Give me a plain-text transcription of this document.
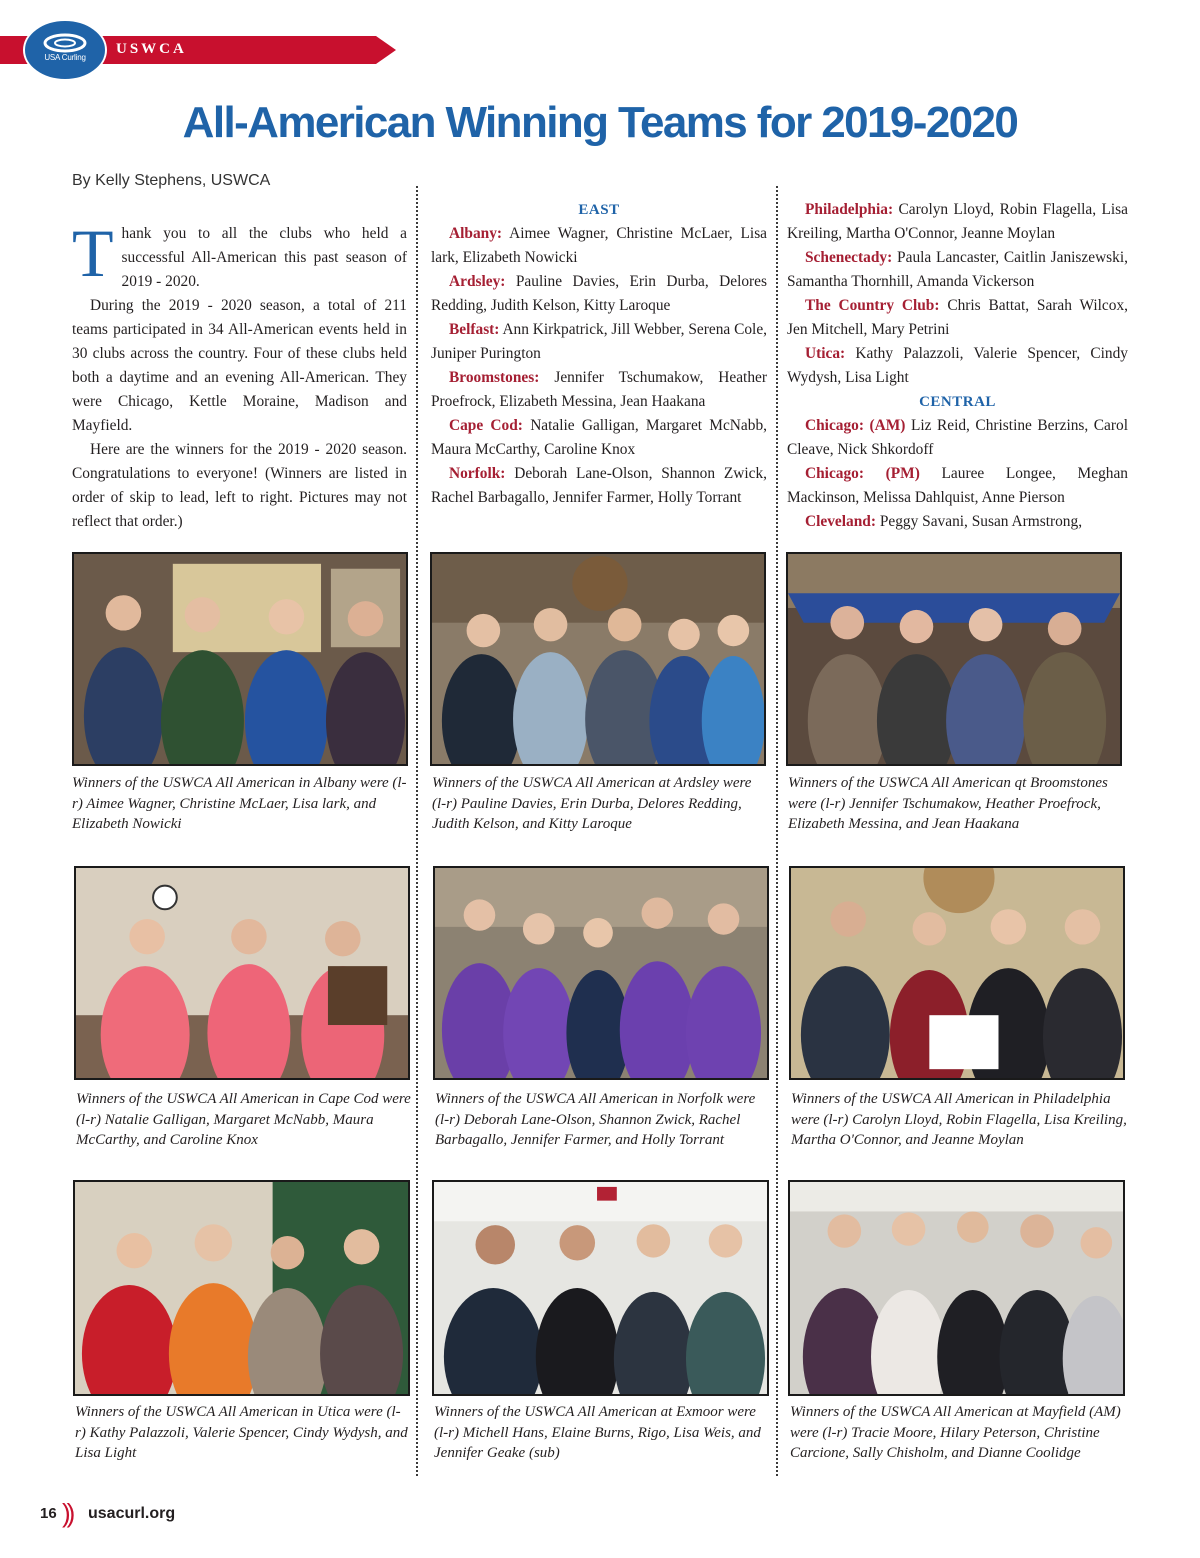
USWCA
USA Curling
All-American Winning Teams for 2019-2020
By Kelly Stephens, USWCA

Thank you to all the clubs who held a successful All-American this past season of 2019 - 2020.

During the 2019 - 2020 season, a total of 211 teams participated in 34 All-American events held in 30 clubs across the country. Four of these clubs held both a daytime and an evening All-American. They were Chicago, Kettle Moraine, Madison and Mayfield.

Here are the winners for the 2019 - 2020 season. Congratulations to everyone! (Winners are listed in order of skip to lead, left to right. Pictures may not reflect that order.)

EAST

Albany: Aimee Wagner, Christine McLaer, Lisa lark, Elizabeth Nowicki

Ardsley: Pauline Davies, Erin Durba, Delores Redding, Judith Kelson, Kitty Laroque

Belfast: Ann Kirkpatrick, Jill Webber, Serena Cole, Juniper Purington

Broomstones: Jennifer Tschumakow, Heather Proefrock, Elizabeth Messina, Jean Haakana

Cape Cod: Natalie Galligan, Margaret McNabb, Maura McCarthy, Caroline Knox

Norfolk: Deborah Lane-Olson, Shannon Zwick, Rachel Barbagallo, Jennifer Farmer, Holly Torrant

Philadelphia: Carolyn Lloyd, Robin Flagella, Lisa Kreiling, Martha O'Connor, Jeanne Moylan

Schenectady: Paula Lancaster, Caitlin Janiszewski, Samantha Thornhill, Amanda Vickerson

The Country Club: Chris Battat, Sarah Wilcox, Jen Mitchell, Mary Petrini

Utica: Kathy Palazzoli, Valerie Spencer, Cindy Wydysh, Lisa Light

CENTRAL

Chicago: (AM) Liz Reid, Christine Berzins, Carol Cleave, Nick Shkordoff

Chicago: (PM) Lauree Longee, Meghan Mackinson, Melissa Dahlquist, Anne Pierson

Cleveland: Peggy Savani, Susan Armstrong,

Winners of the USWCA All American in Albany were (l-r) Aimee Wagner, Christine McLaer, Lisa lark, and Elizabeth Nowicki
Winners of the USWCA All American at Ardsley were (l-r) Pauline Davies, Erin Durba, Delores Redding, Judith Kelson, and Kitty Laroque
Winners of the USWCA All American qt Broomstones were (l-r) Jennifer Tschumakow, Heather Proefrock, Elizabeth Messina, and Jean Haakana
Winners of the USWCA All American in Cape Cod were (l-r) Natalie Galligan, Margaret McNabb, Maura McCarthy, and Caroline Knox
Winners of the USWCA All American in Norfolk were (l-r) Deborah Lane-Olson, Shannon Zwick, Rachel Barbagallo, Jennifer Farmer, and Holly Torrant
Winners of the USWCA All American in Philadelphia were (l-r) Carolyn Lloyd, Robin Flagella, Lisa Kreiling, Martha O'Connor, and Jeanne Moylan
Winners of the USWCA All American in Utica were (l-r) Kathy Palazzoli, Valerie Spencer, Cindy Wydysh, and Lisa Light
Winners of the USWCA All American at Exmoor were (l-r) Michell Hans, Elaine Burns, Rigo, Lisa Weis, and Jennifer Geake (sub)
Winners of the USWCA All American at Mayfield (AM) were (l-r) Tracie Moore, Hilary Peterson, Christine Carcione, Sally Chisholm, and Dianne Coolidge
16 )) usacurl.org
